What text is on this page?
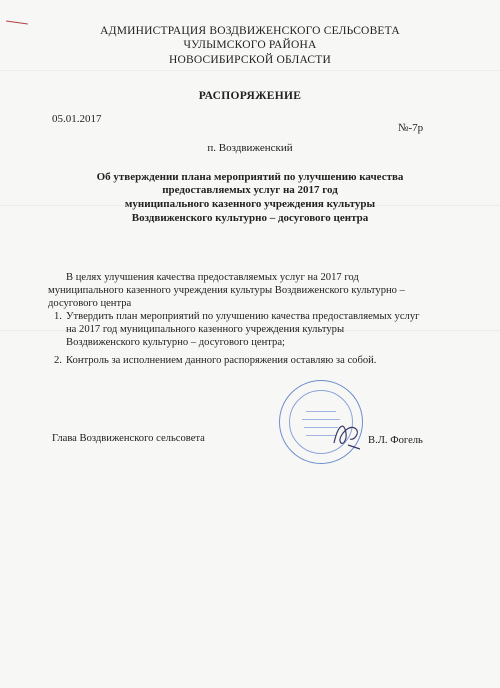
АДМИНИСТРАЦИЯ ВОЗДВИЖЕНСКОГО СЕЛЬСОВЕТА
ЧУЛЫМСКОГО РАЙОНА
НОВОСИБИРСКОЙ ОБЛАСТИ
РАСПОРЯЖЕНИЕ
05.01.2017
№-7р
п. Воздвиженский
Об утверждении плана мероприятий по улучшению качества
предоставляемых услуг на 2017 год
муниципального казенного учреждения культуры
Воздвиженского культурно – досугового центра
В целях улучшения качества предоставляемых услуг на 2017 год
муниципального казенного учреждения культуры Воздвиженского культурно –
досугового центра
1. Утвердить план мероприятий по улучшению качества предоставляемых услуг
на 2017 год муниципального казенного учреждения культуры
Воздвиженского культурно – досугового центра;
2. Контроль за исполнением данного распоряжения оставляю за собой.
Глава Воздвиженского сельсовета	В.Л. Фогель
